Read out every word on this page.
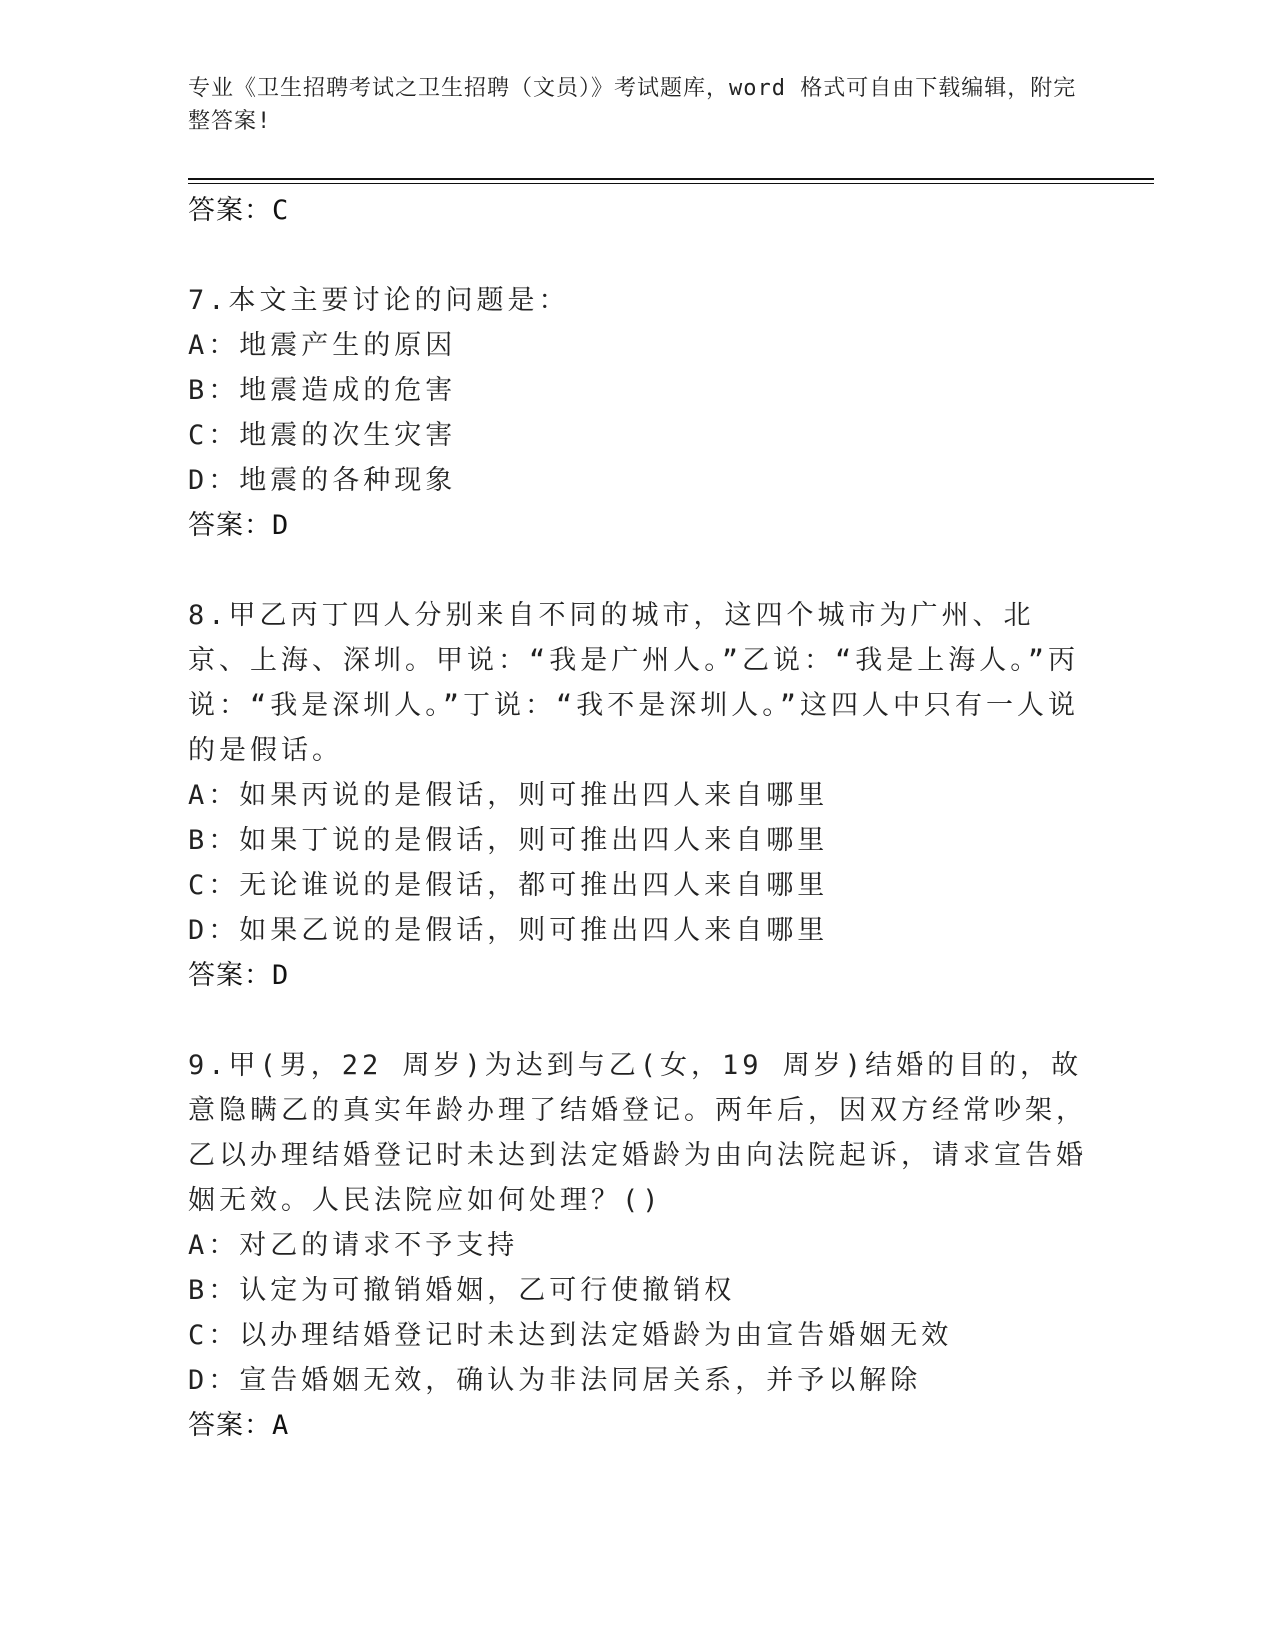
专业《卫生招聘考试之卫生招聘（文员）》考试题库，word 格式可自由下载编辑，附完整答案!
答案：C
7.本文主要讨论的问题是：
A：地震产生的原因
B：地震造成的危害
C：地震的次生灾害
D：地震的各种现象
答案：D
8.甲乙丙丁四人分别来自不同的城市，这四个城市为广州、北京、上海、深圳。甲说：“我是广州人。”乙说：“我是上海人。”丙说：“我是深圳人。”丁说：“我不是深圳人。”这四人中只有一人说的是假话。
A：如果丙说的是假话，则可推出四人来自哪里
B：如果丁说的是假话，则可推出四人来自哪里
C：无论谁说的是假话，都可推出四人来自哪里
D：如果乙说的是假话，则可推出四人来自哪里
答案：D
9.甲(男，22 周岁)为达到与乙(女，19 周岁)结婚的目的，故意隐瞒乙的真实年龄办理了结婚登记。两年后，因双方经常吵架，乙以办理结婚登记时未达到法定婚龄为由向法院起诉，请求宣告婚姻无效。人民法院应如何处理？()
A：对乙的请求不予支持
B：认定为可撤销婚姻，乙可行使撤销权
C：以办理结婚登记时未达到法定婚龄为由宣告婚姻无效
D：宣告婚姻无效，确认为非法同居关系，并予以解除
答案：A
